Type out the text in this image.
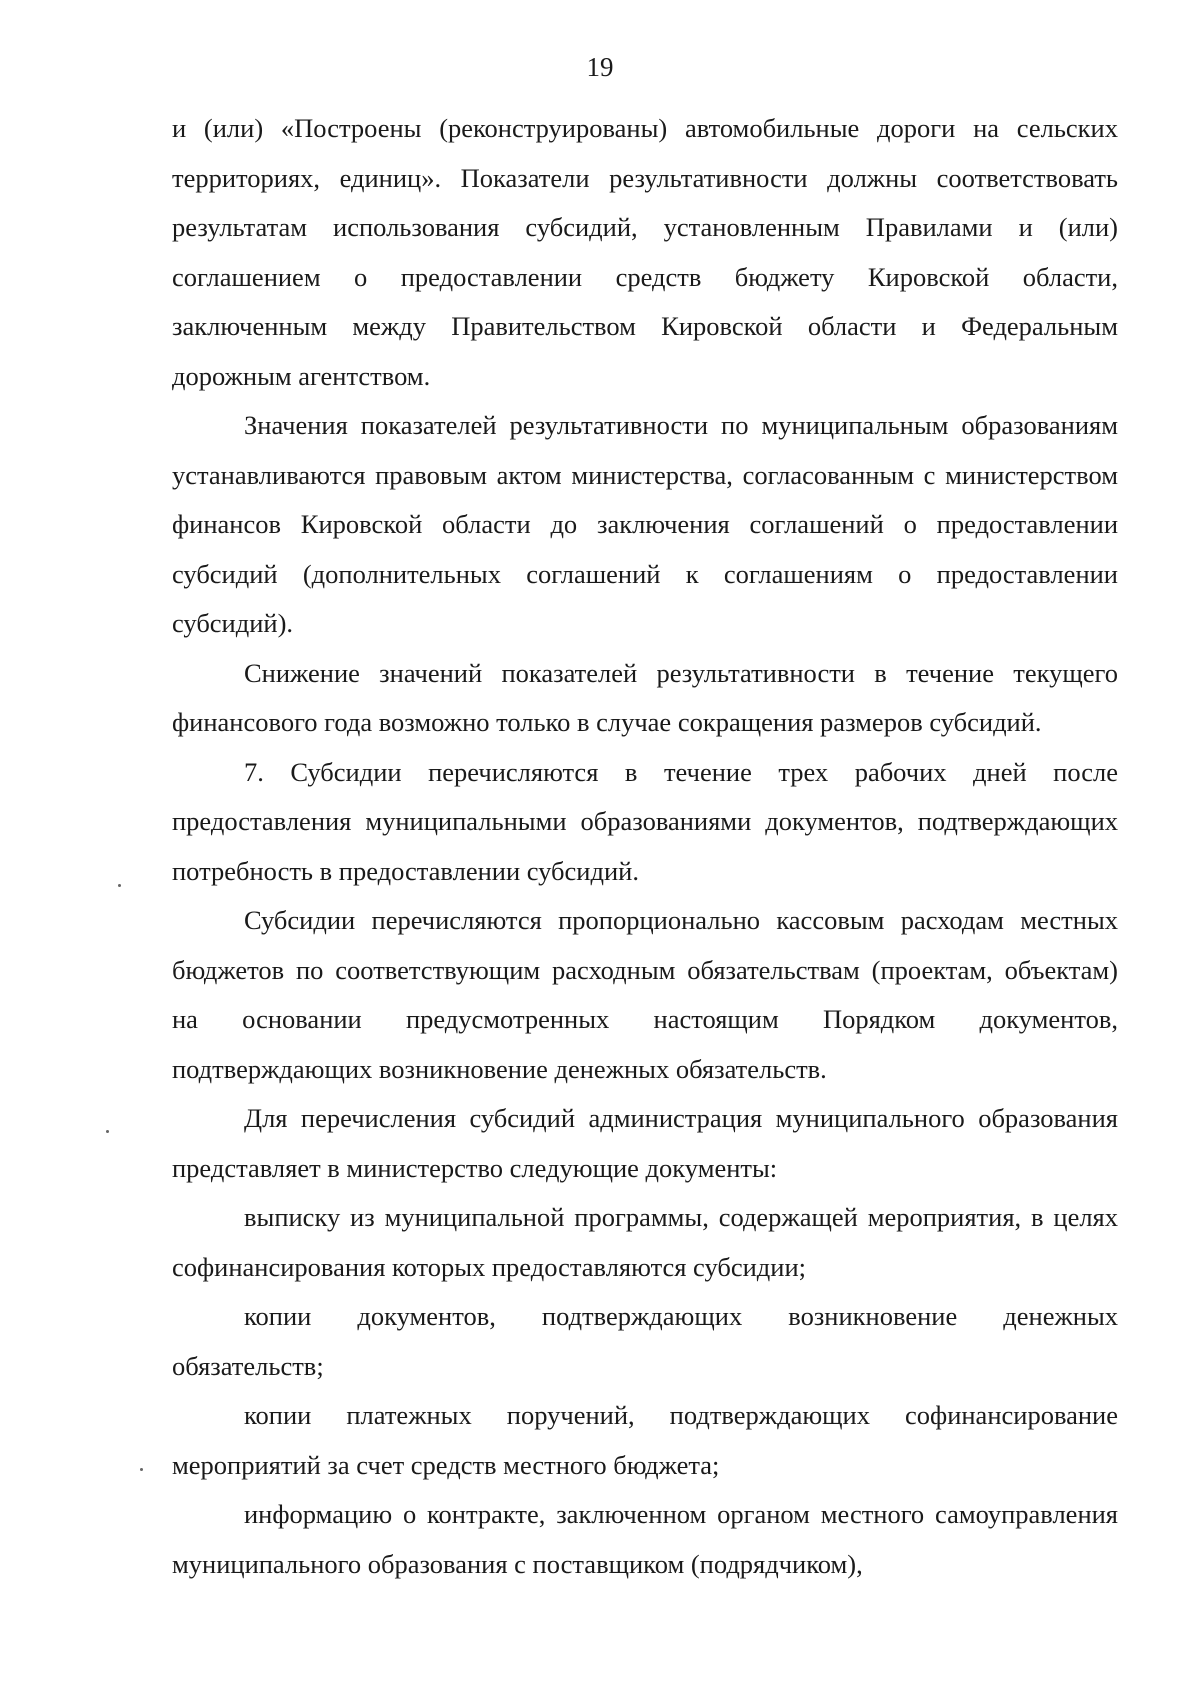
19

и (или) «Построены (реконструированы) автомобильные дороги на сельских территориях, единиц». Показатели результативности должны соответствовать результатам использования субсидий, установленным Правилами и (или) соглашением о предоставлении средств бюджету Кировской области, заключенным между Правительством Кировской области и Федеральным дорожным агентством.

Значения показателей результативности по муниципальным образованиям устанавливаются правовым актом министерства, согласованным с министерством финансов Кировской области до заключения соглашений о предоставлении субсидий (дополнительных соглашений к соглашениям о предоставлении субсидий).

Снижение значений показателей результативности в течение текущего финансового года возможно только в случае сокращения размеров субсидий.

7. Субсидии перечисляются в течение трех рабочих дней после предоставления муниципальными образованиями документов, подтверждающих потребность в предоставлении субсидий.

Субсидии перечисляются пропорционально кассовым расходам местных бюджетов по соответствующим расходным обязательствам (проектам, объектам) на основании предусмотренных настоящим Порядком документов, подтверждающих возникновение денежных обязательств.

Для перечисления субсидий администрация муниципального образования представляет в министерство следующие документы:

выписку из муниципальной программы, содержащей мероприятия, в целях софинансирования которых предоставляются субсидии;

копии документов, подтверждающих возникновение денежных обязательств;

копии платежных поручений, подтверждающих софинансирование мероприятий за счет средств местного бюджета;

информацию о контракте, заключенном органом местного самоуправления муниципального образования с поставщиком (подрядчиком),
